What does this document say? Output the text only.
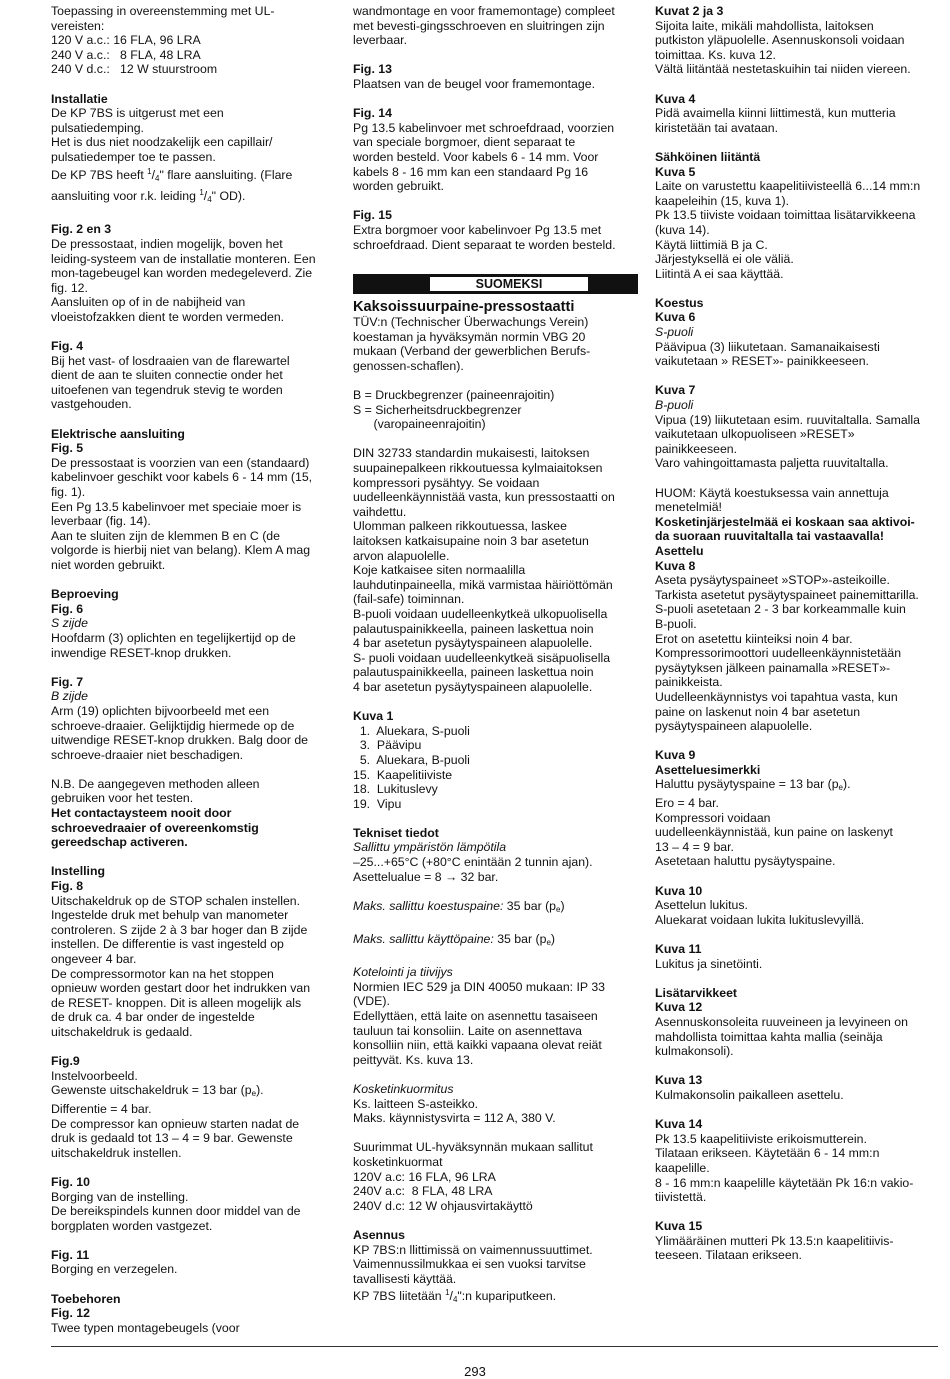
Toepassing in overeenstemming met UL-
vereisten:
120 V a.c.: 16 FLA, 96 LRA
240 V a.c.:   8 FLA, 48 LRA
240 V d.c.:   12 W stuurstroom
Installatie
De KP 7BS is uitgerust met een
pulsatiedemping.
Het is dus niet noodzakelijk een capillair/
pulsatiedemper toe te passen.
De KP 7BS heeft $^1/_4$" flare aansluiting. (Flare
aansluiting voor r.k. leiding $^1/_4$" OD).
Fig. 2 en 3
De pressostaat, indien mogelijk, boven het
leiding-systeem van de installatie monteren. Een
mon-tagebeugel kan worden medegeleverd. Zie
fig. 12.
Aansluiten op of in de nabijheid van
vloeistofzakken dient te worden vermeden.
Fig. 4
Bij het vast- of losdraaien van de flarewartel
dient de aan te sluiten connectie onder het
uitoefenen van tegendruk stevig te worden
vastgehouden.
Elektrische aansluiting
Fig. 5
De pressostaat is voorzien van een (standaard)
kabelinvoer geschikt voor kabels 6 - 14 mm (15,
fig. 1).
Een Pg 13.5 kabelinvoer met speciaie moer is
leverbaar (fig. 14).
Aan te sluiten zijn de klemmen B en C (de
volgorde is hierbij niet van belang). Klem A mag
niet worden gebruikt.
Beproeving
Fig. 6
S zijde
Hoofdarm (3) oplichten en tegelijkertijd op de
inwendige RESET-knop drukken.
Fig. 7
B zijde
Arm (19) oplichten bijvoorbeeld met een
schroeve-draaier. Gelijktijdig hiermede op de
uitwendige RESET-knop drukken. Balg door de
schroeve-draaier niet beschadigen.
N.B. De aangegeven methoden alleen
gebruiken voor het testen.
Het contactaysteem nooit door
schroevedraaier of overeenkomstig
gereedschap activeren.
Instelling
Fig. 8
Uitschakeldruk op de STOP schalen instellen.
Ingestelde druk met behulp van manometer
controleren. S zijde 2 à 3 bar hoger dan B zijde
instellen. De differentie is vast ingesteld op
ongeveer 4 bar.
De compressormotor kan na het stoppen
opnieuw worden gestart door het indrukken van
de RESET- knoppen. Dit is alleen mogelijk als
de druk ca. 4 bar onder de ingestelde
uitschakeldruk is gedaald.
Fig.9
Instelvoorbeeld.
Gewenste uitschakeldruk = 13 bar $(p_e)$.
Differentie = 4 bar.
De compressor kan opnieuw starten nadat de
druk is gedaald tot 13 – 4 = 9 bar. Gewenste
uitschakeldruk instellen.
Fig. 10
Borging van de instelling.
De bereikspindels kunnen door middel van de
borgplaten worden vastgezet.
Fig. 11
Borging en verzegelen.
Toebehoren
Fig. 12
Twee typen montagebeugels (voor
wandmontage en voor framemontage) compleet
met bevesti-gingsschroeven en sluitringen zijn
leverbaar.
Fig. 13
Plaatsen van de beugel voor framemontage.
Fig. 14
Pg 13.5 kabelinvoer met schroefdraad, voorzien
van speciale borgmoer, dient separaat te
worden besteld. Voor kabels 6 - 14 mm. Voor
kabels 8 - 16 mm kan een standaard Pg 16
worden gebruikt.
Fig. 15
Extra borgmoer voor kabelinvoer Pg 13.5 met
schroefdraad. Dient separaat te worden besteld.
SUOMEKSI
Kaksoissuurpaine-pressostaatti
TÜV:n (Technischer Überwachungs Verein)
koestaman ja hyväksymän normin VBG 20
mukaan (Verband der gewerblichen Berufs-
genossen-schaflen).
B = Druckbegrenzer (paineenrajoitin)
S = Sicherheitsdruckbegrenzer
(varopaineenrajoitin)
DIN 32733 standardin mukaisesti, laitoksen
suupainepalkeen rikkoutuessa kylmaiaitoksen
kompressori pysähtyy. Se voidaan
uudelleenkäynnistää vasta, kun pressostaatti on
vaihdettu.
Ulomman palkeen rikkoutuessa, laskee
laitoksen katkaisupaine noin 3 bar asetetun
arvon alapuolelle.
Koje katkaisee siten normaalilla
lauhdutinpaineella, mikä varmistaa häiriöttömän
(fail-safe) toiminnan.
B-puoli voidaan uudelleenkytkeä ulkopuolisella
palautuspainikkeella, paineen laskettua noin
4 bar asetetun pysäytyspaineen alapuolelle.
S- puoli voidaan uudelleenkytkeä sisäpuolisella
palautuspainikkeella, paineen laskettua noin
4 bar asetetun pysäytyspaineen alapuolelle.
Kuva 1
1.  Aluekara, S-puoli
3.  Päävipu
5.  Aluekara, B-puoli
15.  Kaapelitiiviste
18.  Lukituslevy
19.  Vipu
Tekniset tiedot
Sallittu ympäristön lämpötila
–25...+65°C (+80°C enintään 2 tunnin ajan).
Asettelualue = 8 → 32 bar.
Maks. sallittu koestuspaine: 35 bar $(p_e)$
Maks. sallittu käyttöpaine: 35 bar $(p_e)$
Kotelointi ja tiivijys
Normien IEC 529 ja DIN 40050 mukaan: IP 33
(VDE).
Edellyttäen, että laite on asennettu tasaiseen
tauluun tai konsoliin. Laite on asennettava
konsolliin niin, että kaikki vapaana olevat reiät
peittyvät. Ks. kuva 13.
Kosketinkuormitus
Ks. laitteen S-asteikko.
Maks. käynnistysvirta = 112 A, 380 V.
Suurimmat UL-hyväksynnän mukaan sallitut
kosketinkuormat
120V a.c: 16 FLA, 96 LRA
240V a.c:  8 FLA, 48 LRA
240V d.c: 12 W ohjausvirtakäyttö
Asennus
KP 7BS:n llittimissä on vaimennussuuttimet.
Vaimennussilmukkaa ei sen vuoksi tarvitse
tavallisesti käyttää.
KP 7BS liitetään $^1/_4":n$ kupariputkeen.
Kuvat 2 ja 3
Sijoita laite, mikäli mahdollista, laitoksen
putkiston yläpuolelle. Asennuskonsoli voidaan
toimittaa. Ks. kuva 12.
Vältä liitäntää nestetaskuihin tai niiden viereen.
Kuva 4
Pidä avaimella kiinni liittimestä, kun mutteria
kiristetään tai avataan.
Sähköinen liitäntä
Kuva 5
Laite on varustettu kaapelitiivisteellä 6...14 mm:n
kaapeleihin (15, kuva 1).
Pk 13.5 tiiviste voidaan toimittaa lisätarvikkeena
(kuva 14).
Käytä liittimiä B ja C.
Järjestyksellä ei ole väliä.
Liitintä A ei saa käyttää.
Koestus
Kuva 6
S-puoli
Päävipua (3) liikutetaan. Samanaikaisesti
vaikutetaan » RESET»- painikkeeseen.
Kuva 7
B-puoli
Vipua (19) liikutetaan esim. ruuvitaltalla. Samalla
vaikutetaan ulkopuoliseen »RESET»
painikkeeseen.
Varo vahingoittamasta paljetta ruuvitaltalla.
HUOM: Käytä koestuksessa vain annettuja
menetelmiä!
Kosketinjärjestelmää ei koskaan saa aktivoi-
da suoraan ruuvitaltalla tai vastaavalla!
Asettelu
Kuva 8
Aseta pysäytyspaineet »STOP»-asteikoille.
Tarkista asetetut pysäytyspaineet painemittarilla.
S-puoli asetetaan 2 - 3 bar korkeammalle kuin
B-puoli.
Erot on asetettu kiinteiksi noin 4 bar.
Kompressorimoottori uudelleenkäynnistetään
pysäytyksen jälkeen painamalla »RESET»-
painikkeista.
Uudelleenkäynnistys voi tapahtua vasta, kun
paine on laskenut noin 4 bar asetetun
pysäytyspaineen alapuolelle.
Kuva 9
Asetteluesimerkki
Haluttu pysäytyspaine = 13 bar $(p_e)$.
Ero = 4 bar.
Kompressori voidaan
uudelleenkäynnistää, kun paine on laskenyt
13 – 4 = 9 bar.
Asetetaan haluttu pysäytyspaine.
Kuva 10
Asettelun lukitus.
Aluekarat voidaan lukita lukituslevyillä.
Kuva 11
Lukitus ja sinetöinti.
Lisätarvikkeet
Kuva 12
Asennuskonsoleita ruuveineen ja levyineen on
mahdollista toimittaa kahta mallia (seinäja
kulmakonsoli).
Kuva 13
Kulmakonsolin paikalleen asettelu.
Kuva 14
Pk 13.5 kaapelitiiviste erikoismutterein.
Tilataan erikseen. Käytetään 6 - 14 mm:n
kaapelille.
8 - 16 mm:n kaapelille käytetään Pk 16:n vakio-
tiivistettä.
Kuva 15
Ylimääräinen mutteri Pk 13.5:n kaapelitiivis-
teeseen. Tilataan erikseen.
293
